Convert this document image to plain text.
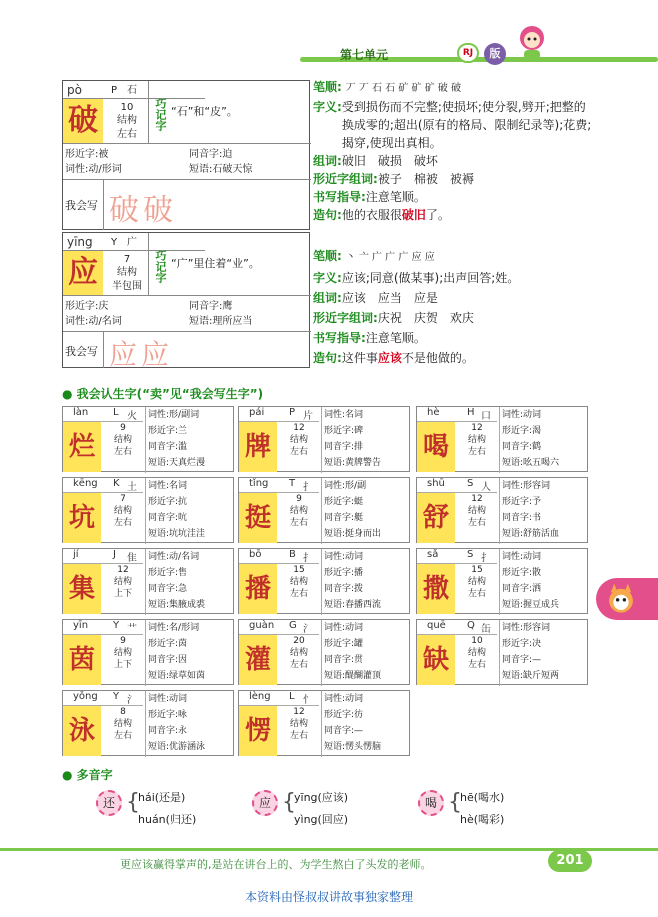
第七单元	RJ	版
pò	P 石
破	10
结构
左右
巧记字 “石”和“皮”。
形近字:被	同音字:迫
词性:动/形词	短语:石破天惊
我会写 破破
笔顺: 丆 丆 石 石 矿 矿 矿 破 破
字义: 受到损伤而不完整;使损坏;使分裂,劈开;把整的换成零的;超出(原有的格局、限制纪录等);花费;揭穿,使现出真相。
组词:破旧　破损　破坏
形近字组词:被子　棉被　被褥
书写指导:注意笔顺。
造句:他的衣服很破旧了。
yīng Y 广
应	7
结构
半包围
巧记字 “广”里住着“业”。
形近字:庆	同音字:鹰
词性:动/名词	短语:理所应当
我会写 应应
笔顺: 丶 亠 广 广 广 应 应
字义: 应该;同意(做某事);出声回答;姓。
组词:应该　应当　应是
形近字组词:庆祝　庆贺　欢庆
书写指导:注意笔顺。
造句:这件事应该不是他做的。
● 我会认生字(“卖”见“我会写生字”)
làn L 火
烂
9
结构
左右
词性:形/副词
形近字:兰
同音字:滥
短语:天真烂漫
pái P 片
牌
12
结构
左右
词性:名词
形近字:碑
同音字:排
短语:黄牌警告
hè	H 口
喝
12
结构
左右
词性:动词
形近字:渴
同音字:鹤
短语:吆五喝六
kēng K 土
坑
7
结构
左右
词性:名词
形近字:抗
同音字:吭
短语:坑坑洼洼
tǐng T 扌
挺
9
结构
左右
词性:形/副
形近字:蜓
同音字:艇
短语:挺身而出
shū S 人
舒
12
结构
左右
词性:形容词
形近字:予
同音字:书
短语:舒筋活血
jí	J 隹
集
12
结构
上下
词性:动/名词
形近字:售
同音字:急
短语:集腋成裘
bō	B 扌
播
15
结构
左右
词性:动词
形近字:播
同音字:拨
短语:春播西流
sǎ	S 扌
撒
15
结构
左右
词性:动词
形近字:散
同音字:洒
短语:握豆成兵
yīn Y 艹
茵
9
结构
上下
词性:名/形词
形近字:茵
同音字:因
短语:绿草如茵
guàn G 氵
灌
20
结构
左右
词性:动词
形近字:罐
同音字:贯
短语:醍醐灌顶
quē Q 缶
缺
10
结构
左右
词性:形容词
形近字:决
同音字:—
短语:缺斤短两
yǒng Y 氵
泳
8
结构
左右
词性:动词
形近字:咏
同音字:永
短语:优游涵泳
lèng L 忄
愣
12
结构
左右
词性:动词
形近字:彷
同音字:—
短语:愣头愣脑
● 多音字
还 {
hái(还是)
huán(归还)
应 {
yīng(应该)
yìng(回应)
喝 {
hē(喝水)
hè(喝彩)
更应该赢得掌声的,是站在讲台上的、为学生熬白了头发的老师。	201
本资料由怪叔叔讲故事独家整理
